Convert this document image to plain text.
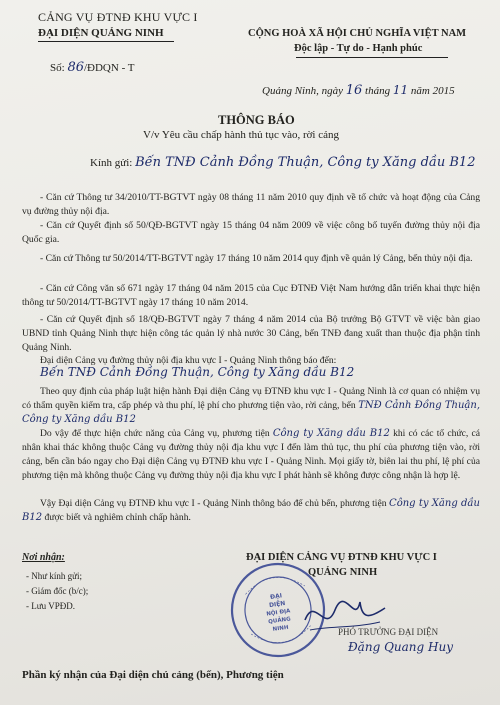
CẢNG VỤ ĐTNĐ KHU VỰC I
ĐẠI DIỆN QUẢNG NINH
Số: 86/ĐDQN - T
CỘNG HOÀ XÃ HỘI CHỦ NGHĨA VIỆT NAM
Độc lập - Tự do - Hạnh phúc
Quảng Ninh, ngày 16 tháng 11 năm 2015
THÔNG BÁO
V/v Yêu cầu chấp hành thủ tục vào, rời cảng
Kính gửi: Bến TNĐ Cảnh Đồng Thuận, Công ty Xăng dầu B12
- Căn cứ Thông tư 34/2010/TT-BGTVT ngày 08 tháng 11 năm 2010 quy định về tổ chức và hoạt động của Cảng vụ đường thủy nội địa.
- Căn cứ Quyết định số 50/QĐ-BGTVT ngày 15 tháng 04 năm 2009 về việc công bố tuyến đường thủy nội địa Quốc gia.
- Căn cứ Thông tư 50/2014/TT-BGTVT ngày 17 tháng 10 năm 2014 quy định về quản lý Cảng, bến thủy nội địa.
- Căn cứ Công văn số 671 ngày 17 tháng 04 năm 2015 của Cục ĐTNĐ Việt Nam hướng dẫn triển khai thực hiện thông tư 50/2014/TT-BGTVT ngày 17 tháng 10 năm 2014.
- Căn cứ Quyết định số 18/QĐ-BGTVT ngày 7 tháng 4 năm 2014 của Bộ trưởng Bộ GTVT về việc bàn giao UBND tỉnh Quảng Ninh thực hiện công tác quản lý nhà nước 30 Cảng, bến TNĐ đang xuất than thuộc địa phận tỉnh Quảng Ninh.
Đại diện Cảng vụ đường thủy nội địa khu vực I - Quảng Ninh thông báo đến:
Bến TNĐ Cảnh Đồng Thuận, Công ty Xăng dầu B12
Theo quy định của pháp luật hiện hành Đại diện Cảng vụ ĐTNĐ khu vực I - Quảng Ninh là cơ quan có nhiệm vụ có thẩm quyền kiểm tra, cấp phép và thu phí, lệ phí cho phương tiện vào, rời cảng, bến TNĐ Cảnh Đồng Thuận, Công ty Xăng dầu B12
Do vậy để thực hiện chức năng của Cảng vụ, phương tiện Công ty Xăng dầu B12 khi có các tổ chức, cá nhân khai thác không thuộc Cảng vụ đường thủy nội địa khu vực I đến làm thủ tục, thu phí của phương tiện vào, rời cảng, bến cần báo ngay cho Đại diện Cảng vụ ĐTNĐ khu vực I - Quảng Ninh. Mọi giấy tờ, biên lai thu phí, lệ phí của phương tiện mà không thuộc Cảng vụ đường thủy nội địa khu vực I phát hành sẽ không được công nhận là hợp lệ.
Vậy Đại diện Cảng vụ ĐTNĐ khu vực I - Quảng Ninh thông báo để chủ bến, phương tiện Công ty Xăng dầu B12 được biết và nghiêm chỉnh chấp hành.
Nơi nhận:
- Như kính gửi;
- Giám đốc (b/c);
- Lưu VPĐD.
ĐẠI DIỆN CẢNG VỤ ĐTNĐ KHU VỰC I
QUẢNG NINH
ĐẠI
DIỆN
NỘI ĐỊA
QUẢNG
NINH	PHÓ TRƯỞNG ĐẠI DIỆN
Đặng Quang Huy
Phần ký nhận của Đại diện chủ cảng (bến), Phương tiện
